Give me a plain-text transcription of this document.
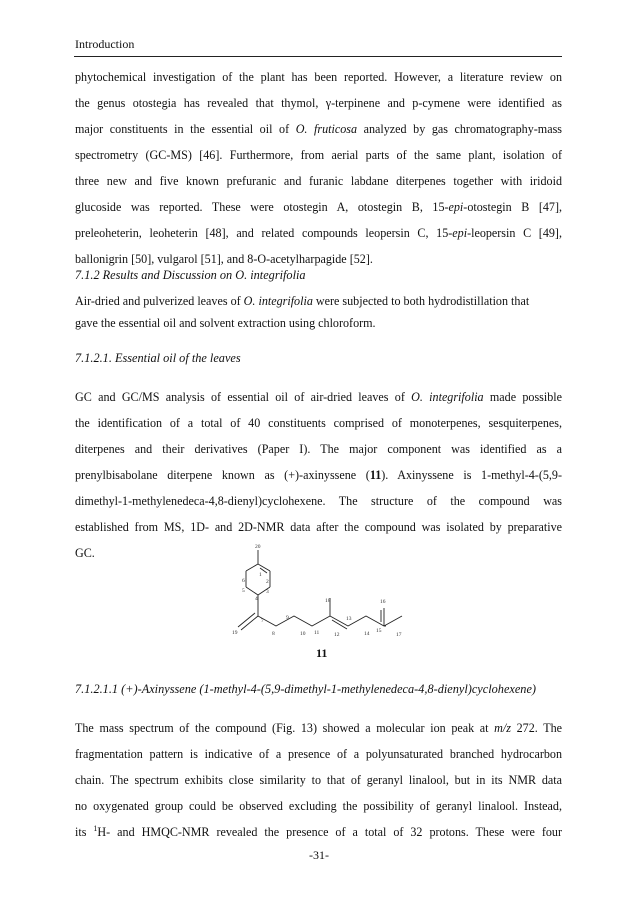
Introduction
phytochemical investigation of the plant has been reported. However, a literature review on
the genus otostegia has revealed that thymol, γ-terpinene and p-cymene were identified as
major constituents in the essential oil of O. fruticosa analyzed by gas chromatography-mass
spectrometry (GC-MS) [46]. Furthermore, from aerial parts of the same plant, isolation of
three new and five known prefuranic and furanic labdane diterpenes together with iridoid
glucoside was reported. These were otostegin A, otostegin B, 15-epi-otostegin B [47],
preleoheterin, leoheterin [48], and related compounds leopersin C, 15-epi-leopersin C [49],
ballonigrin [50], vulgarol [51], and 8-O-acetylharpagide [52].
7.1.2 Results and Discussion on O. integrifolia
Air-dried and pulverized leaves of O. integrifolia were subjected to both hydrodistillation that
gave the essential oil and solvent extraction using chloroform.
7.1.2.1. Essential oil of the leaves
GC and GC/MS analysis of essential oil of air-dried leaves of O. integrifolia made possible
the identification of a total of 40 constituents comprised of monoterpenes, sesquiterpenes,
diterpenes and their derivatives (Paper I). The major component was identified as a
prenylbisabolane diterpene known as (+)-axinyssene (11). Axinyssene is 1-methyl-4-(5,9-
dimethyl-1-methylenedeca-4,8-dienyl)cyclohexene. The structure of the compound was
established from MS, 1D- and 2D-NMR data after the compound was isolated by preparative
GC.	20
1
2
3
4
5
6
7
8
9
10 11	12
13
14 15
16
17
18
19
11
7.1.2.1.1 (+)-Axinyssene (1-methyl-4-(5,9-dimethyl-1-methylenedeca-4,8-dienyl)cyclohexene)
The mass spectrum of the compound (Fig. 13) showed a molecular ion peak at m/z 272. The
fragmentation pattern is indicative of a presence of a polyunsaturated branched hydrocarbon
chain. The spectrum exhibits close similarity to that of geranyl linalool, but in its NMR data
no oxygenated group could be observed excluding the possibility of geranyl linalool. Instead,
its $^1$H- and HMQC-NMR revealed the presence of a total of 32 protons. These were four
-31-
